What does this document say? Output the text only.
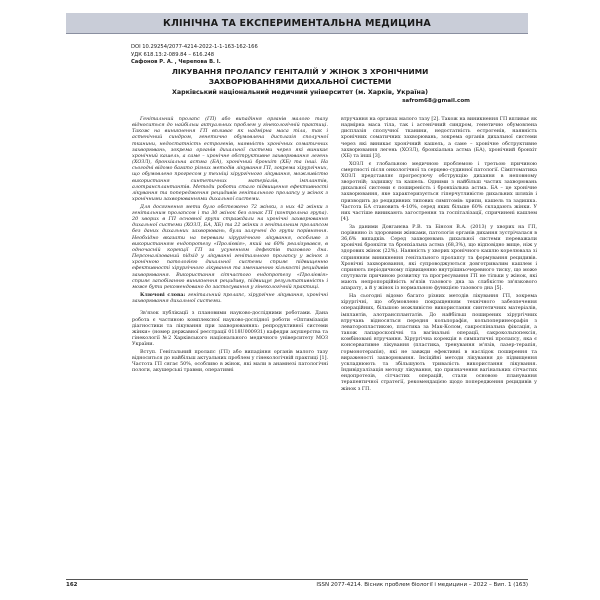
КЛІНІЧНА ТА ЕКСПЕРИМЕНТАЛЬНА МЕДИЦИНА
DOI 10.29254/2077-4214-2022-1-1-163-162-166
УДК 618.13:2-089.84 – 616.248
Сафонов Р. А. , Черепова В. І.
ЛІКУВАННЯ ПРОЛАПСУ ГЕНІТАЛІЙ У ЖІНОК З ХРОНІЧНИМИ
ЗАХВОРЮВАННЯМИ ДИХАЛЬНОЇ СИСТЕМИ
Харківський національний медичний університет (м. Харків, Україна)
safrom68@gmail.com

Генітальний пролапс (ГП) або випадіння органів малого тазу відноситься до найбільш актуальних проблем у гінекологічній практиці. Також на виникнення ГП впливає як надмірна маса тіла, так і астенічний синдром, генетично обумовлена дисплазія сполучної тканини, недостатність естрогенів, наявність хронічних соматичних захворювань, зокрема органів дихальної системи через які виникає хронічний кашель, а саме – хронічне обструктивне захворювання легень (ХОЗЛ), бронхіальна астма (БА), хронічний бронхіт (ХБ) та інші. На сьогодні відомо багато різних методів лікування ГП, зокрема хірургічних, що обумовлено прогресом у техніці хірургічного лікування, можливістю використання синтетичних матеріалів, імплантів, алотрансплантантів. Методи роботи стало підвищення ефективності лікування та попередження рецидивів генітального пролапсу у жінок з хронічними захворюваннями дихальної системи.

Для досягнення мети було обстежено 72 жінки, з них 42 жінки з генітальним пролапсом і та 30 жінок без ознак ГП (контрольна група). 20 хворих в ГП основної групи страждали на хронічні захворювання дихальної системи (ХОЗЛ, БА, ХБ) та 22 жінки з генітальним пролапсом без даних дихальних захворювань, були залучені до групи порівняння. Необхідно вказати на переваги хірургічного лікування, особливо з використанням ендопротезу «Пролієвія», який на 60% реалізувався, в одночасній корекції ГП за усуненням дефектів тазового дна. Персоналізований підхід у лікуванні генітального пролапсу у жінок з хронічною патологією дихальної системи сприяє підвищенню ефективності хірургічного лікування та зменшенню кількості рецидивів захворювання. Використання сітчастого ендопротезу «Пролієвія» сприяє запобіганню виникнення рецидиву, підвищує результативність і може бути рекомендовано до застосування у гінекологічній практиці.

Ключові слова: генітальний пролапс, хірургічне лікування, хронічні захворювання дихальної системи.

Зв'язок публікації з плановими науково-дослідними роботами. Дана робота є частиною комплексної науково-дослідної роботи «Оптимізація діагностики та лікування при захворюваннях: репродуктивної системи жінки» (номер державної реєстрації 0118U000931) кафедри акушерства та гінекології №2 Харківського національного медичного університету МОЗ України.

Вступ. Генітальний пролапс (ГП) або випадіння органів малого тазу відноситься до найбільш актуальних проблем у гінекологічній практиці [1]. Частота ГП сягає 50%, особливо в жінок, які мали в анамнезі патологічні пологи, акушерські травми, оперативні

втручання на органах малого тазу [2]. Також на виникнення ГП впливає як надмірна маса тіла, так і астенічний синдром, генетично обумовлена дисплазія сполучної тканини, недостатність естрогенів, наявність хронічних соматичних захворювань, зокрема органів дихальної системи через які виникає хронічний кашель, а саме – хронічне обструктивне захворювання легень (ХОЗЛ), бронхіальна астма (БА), хронічний бронхіт (ХБ) та інші [3].

ХОЗЛ є глобальною медичною проблемою і третьою причиною смертності після онкологічної та серцево-судинної патології. Сімптоматика ХОЗЛ представляє прогресуючу обструкцію дихання в неповному зворотній; задишку та кашель. Одними з найбільш частих захворювань дихальної системи є поширеність і бронхіальна астма. БА – це хронічне захворювання, яке характеризується гіперчутливістю дихальних шляхів і призводить до рецидивних типових симптомів: хрипи, кашель та задишка. Частота БА становить 4-10%, серед яких більше 60% складають жінки. У них частіше виникають загострення та госпіталізації, спричинені кашлем [4].

За даними Довганєва Р.В. та Бінсон В.А. (2013) у хворих на ГП, порівняно із здоровими жінками, патологія органів дихання зустрічалася в 36,6% випадків. Серед захворювань дихальної системи переважали хронічні бронхіти та бронхіальна астма (68,3%), що відповідно вище, ніж у здорових жінок (22%). Наявність у хворих хронічного кашлю корелювала зі сприянням виникнення генітального пролапсу та формування рецидивів. Хронічні захворювання, які супроводжуються довготривалим кашлем і сприяють періодичному підвищенню внутрішньочеревного тиску, що може спутувати причиною розвитку та прогресування ГП не тільки у жінок, які мають непропорційність м'язів тазового дна за слабкістю зв'язкового апарату, а й у жінок із нормальною функцією тазового дна [5].

На сьогодні відомо багато різних методів лікування ГП, зокрема хірургічні, що обумовлено покращенням технічного забезпечення операційних, більшою можливістю використання синтетичних матеріалів, імплантів, алотрансплантатів. До найбільш поширених хірургічних втручань відносяться передня кольпорафія, кольпоперинеорафія з леваторопластикою, пластика за Мак-Колом, сакроспінальна фіксація, а також лапароскопічні та вагінальні операції, сакрокольпопексія, комбіновані втручання. Хірургічна корекція в симпатичні пролапсу, яка є консервативне лікування (пластика, тренування м'язів, лазер-терапія, гормонотерапія), які не завжди ефективні в наслідок поширення та вираженості захворювання. Інсіційні методи лікування до підвищення ускладнюють та збільшують тривалість використання лікування. Індивідуалізація методу лікування, що призначення вагінальних сітчастих ендопротезів, сітчастих операцій, стали основою планування терапевтичної стратегії, рекомендацією щодо попередження рецидивів у жінок з ГП.

162	ISSN 2077-4214. Вісник проблем біології і медицини – 2022 – Вип. 1 (163)
